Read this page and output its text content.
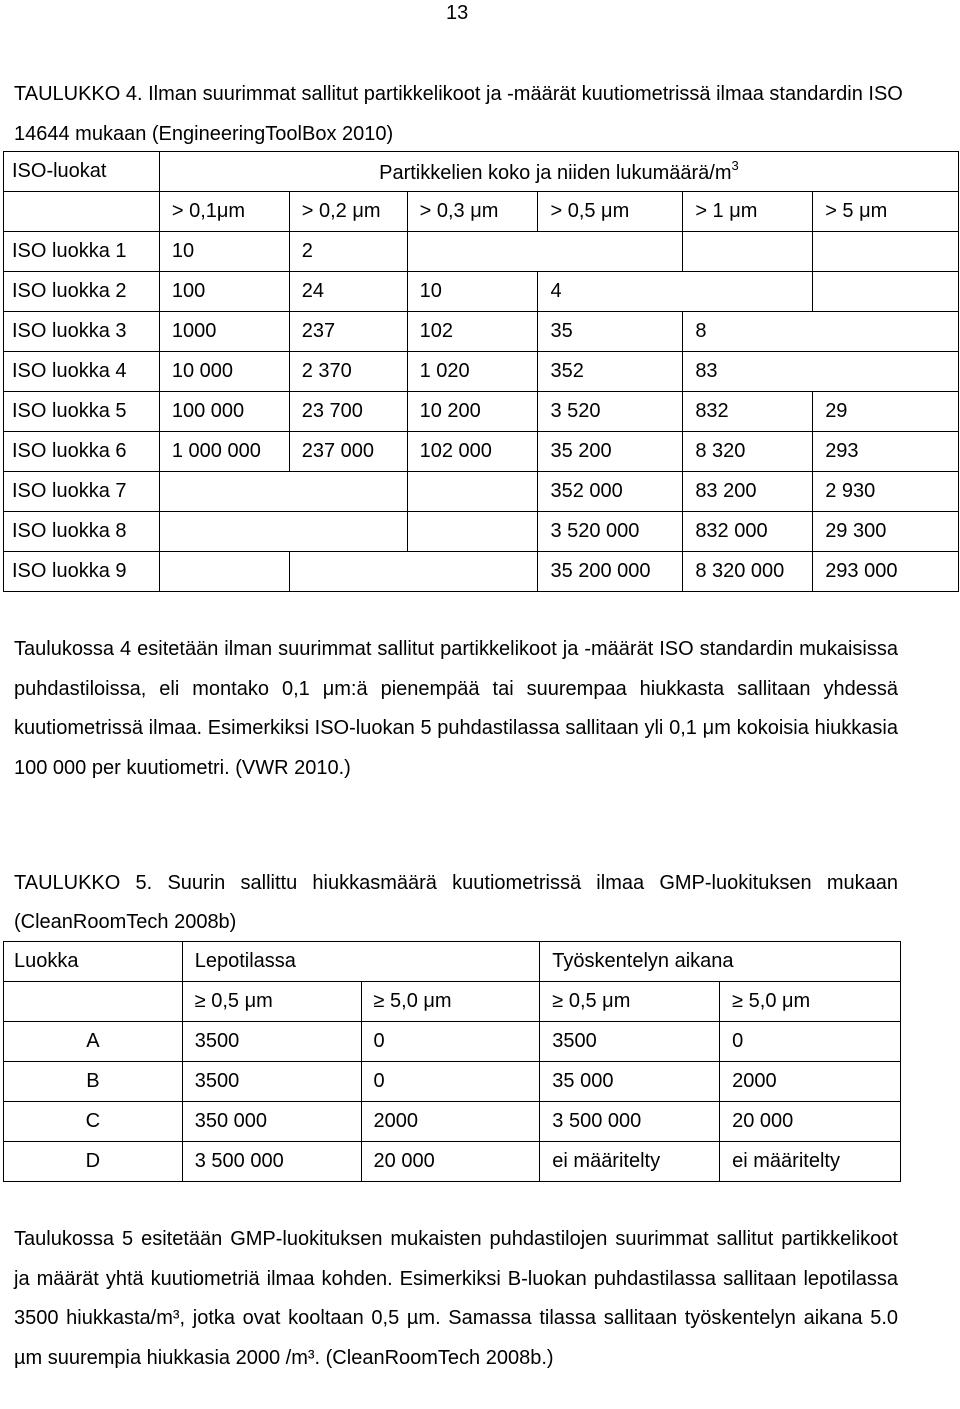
13
TAULUKKO 4. Ilman suurimmat sallitut partikkelikoot ja -määrät kuutiometrissä ilmaa standardin ISO 14644 mukaan (EngineeringToolBox 2010)
ISO-luokat	Partikkelien koko ja niiden lukumäärä/$m^3$
	> 0,1μm	> 0,2 μm	> 0,3 μm	> 0,5 μm	> 1 μm	> 5 μm
ISO luokka 1	10	2				
ISO luokka 2	100	24	10	4		
ISO luokka 3	1000	237	102	35	8	
ISO luokka 4	10 000	2 370	1 020	352	83	
ISO luokka 5	100 000	23 700	10 200	3 520	832	29
ISO luokka 6	1 000 000	237 000	102 000	35 200	8 320	293
ISO luokka 7				352 000	83 200	2 930
ISO luokka 8				3 520 000	832 000	29 300
ISO luokka 9				35 200 000	8 320 000	293 000
Taulukossa 4 esitetään ilman suurimmat sallitut partikkelikoot ja -määrät ISO standardin mukaisissa puhdastiloissa, eli montako 0,1 μm:ä pienempää tai suurempaa hiukkasta sallitaan yhdessä kuutiometrissä ilmaa. Esimerkiksi ISO-luokan 5 puhdastilassa sallitaan yli 0,1 μm kokoisia hiukkasia 100 000 per kuutiometri. (VWR 2010.)
TAULUKKO 5. Suurin sallittu hiukkasmäärä kuutiometrissä ilmaa GMP-luokituksen mukaan (CleanRoomTech 2008b)
Luokka	Lepotilassa		Työskentelyn aikana	
	≥ 0,5 μm	≥ 5,0 μm	≥ 0,5 μm	≥ 5,0 μm
A	3500	0	3500	0
B	3500	0	35 000	2000
C	350 000	2000	3 500 000	20 000
D	3 500 000	20 000	ei määritelty	ei määritelty
Taulukossa 5 esitetään GMP-luokituksen mukaisten puhdastilojen suurimmat sallitut partikkelikoot ja määrät yhtä kuutiometriä ilmaa kohden. Esimerkiksi B-luokan puhdastilassa sallitaan lepotilassa 3500 hiukkasta/m³, jotka ovat kooltaan 0,5 µm. Samassa tilassa sallitaan työskentelyn aikana 5.0 µm suurempia hiukkasia 2000 /m³. (CleanRoomTech 2008b.)
